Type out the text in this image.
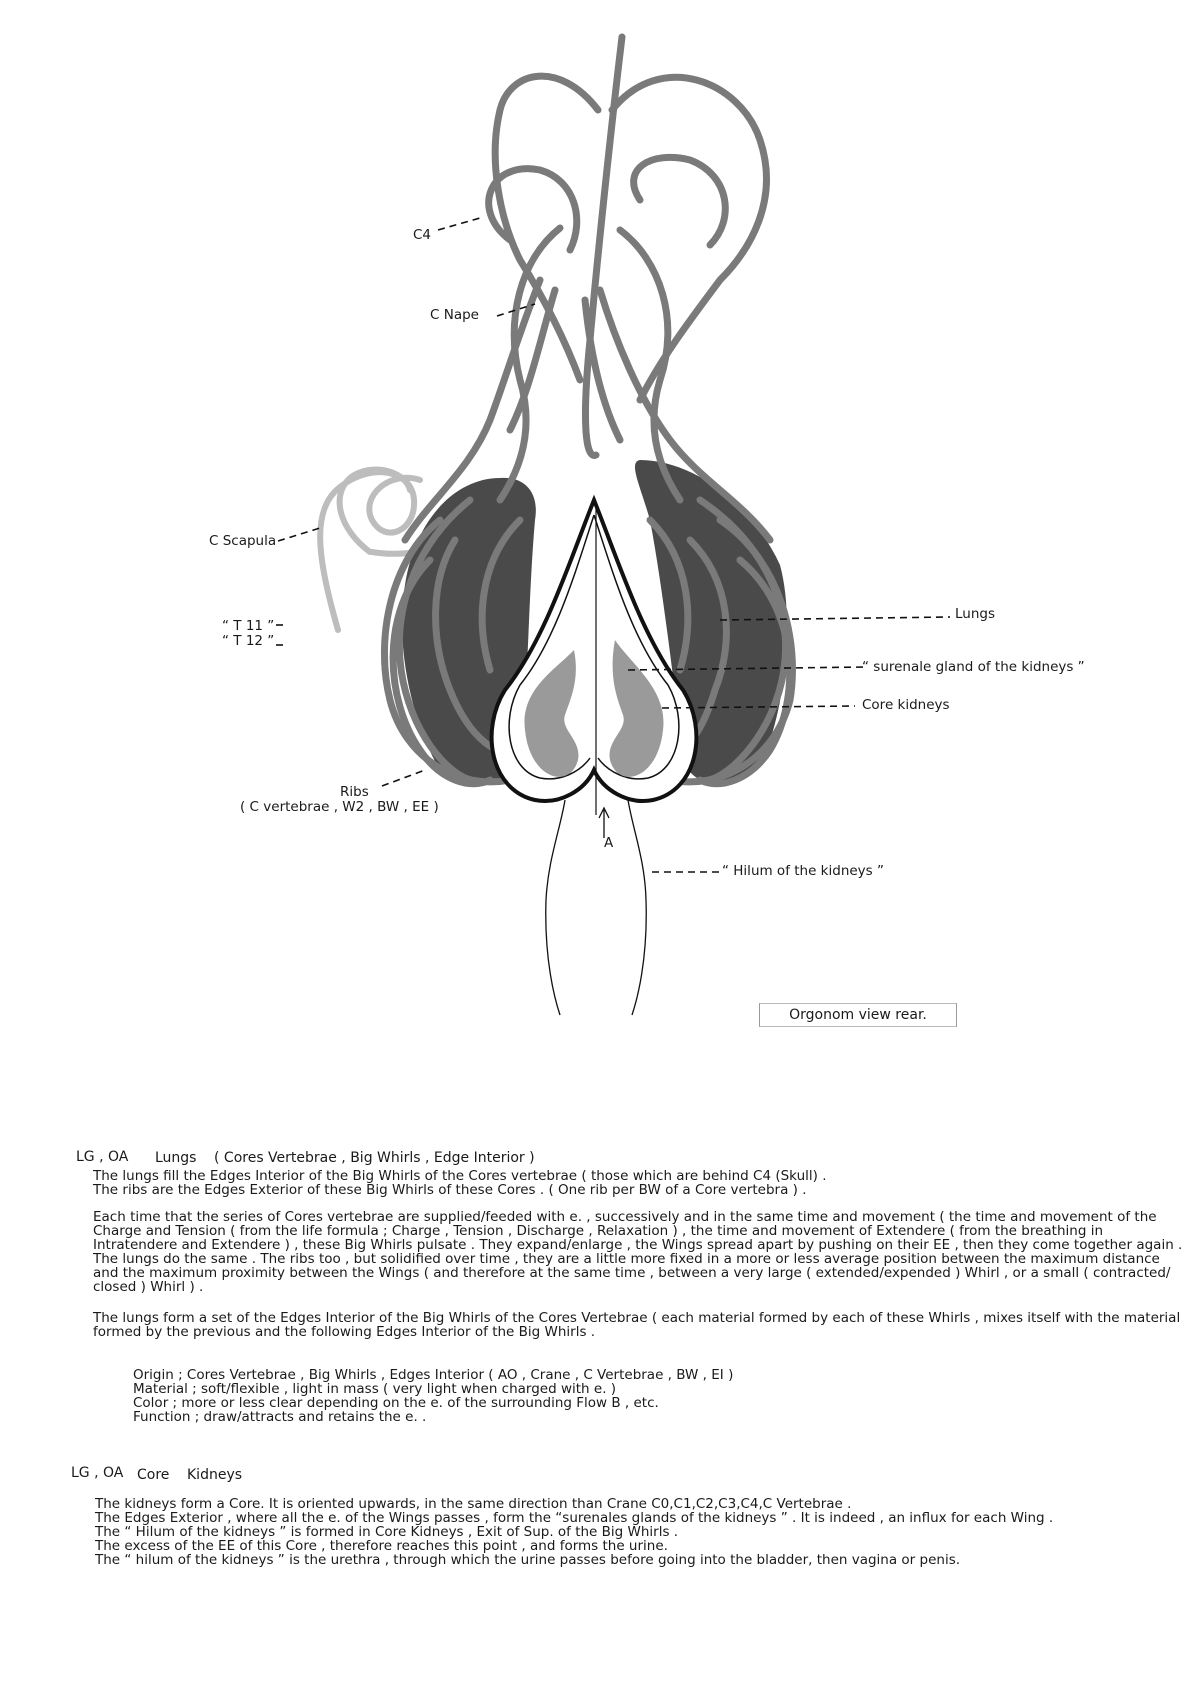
C4
C Nape
C Scapula
“ T 11 ”
“ T 12 ”
Lungs
“ surenale gland of the kidneys ”
Core kidneys
Ribs
( C vertebrae , W2 , BW , EE )
A
“ Hilum of the kidneys ”
Orgonom view rear.
LG , OA Lungs ( Cores Vertebrae , Big Whirls , Edge Interior )

The lungs fill the Edges Interior of the Big Whirls of the Cores vertebrae ( those which are behind C4 (Skull) .
The ribs are the Edges Exterior of these Big Whirls of these Cores . ( One rib per BW of a Core vertebra ) .

Each time that the series of Cores vertebrae are supplied/feeded with e. , successively and in the same time and movement ( the time and movement of the
Charge and Tension ( from the life formula ; Charge , Tension , Discharge , Relaxation ) , the time and movement of Extendere ( from the breathing in
Intratendere and Extendere ) , these Big Whirls pulsate . They expand/enlarge , the Wings spread apart by pushing on their EE , then they come together again .
The lungs do the same . The ribs too , but solidified over time , they are a little more fixed in a more or less average position between the maximum distance
and the maximum proximity between the Wings ( and therefore at the same time , between a very large ( extended/expended ) Whirl , or a small ( contracted/
closed ) Whirl ) .

The lungs form a set of the Edges Interior of the Big Whirls of the Cores Vertebrae ( each material formed by each of these Whirls , mixes itself with the material
formed by the previous and the following Edges Interior of the Big Whirls .

Origin ; Cores Vertebrae , Big Whirls , Edges Interior ( AO , Crane , C Vertebrae , BW , EI )
Material ; soft/flexible , light in mass ( very light when charged with e. )
Color ; more or less clear depending on the e. of the surrounding Flow B , etc.
Function ; draw/attracts and retains the e. .

LG , OA Core Kidneys

The kidneys form a Core. It is oriented upwards, in the same direction than Crane C0,C1,C2,C3,C4,C Vertebrae .
The Edges Exterior , where all the e. of the Wings passes , form the “surenales glands of the kidneys ” . It is indeed , an influx for each Wing .
The “ Hilum of the kidneys ” is formed in Core Kidneys , Exit of Sup. of the Big Whirls .
The excess of the EE of this Core , therefore reaches this point , and forms the urine.
The “ hilum of the kidneys ” is the urethra , through which the urine passes before going into the bladder, then vagina or penis.
